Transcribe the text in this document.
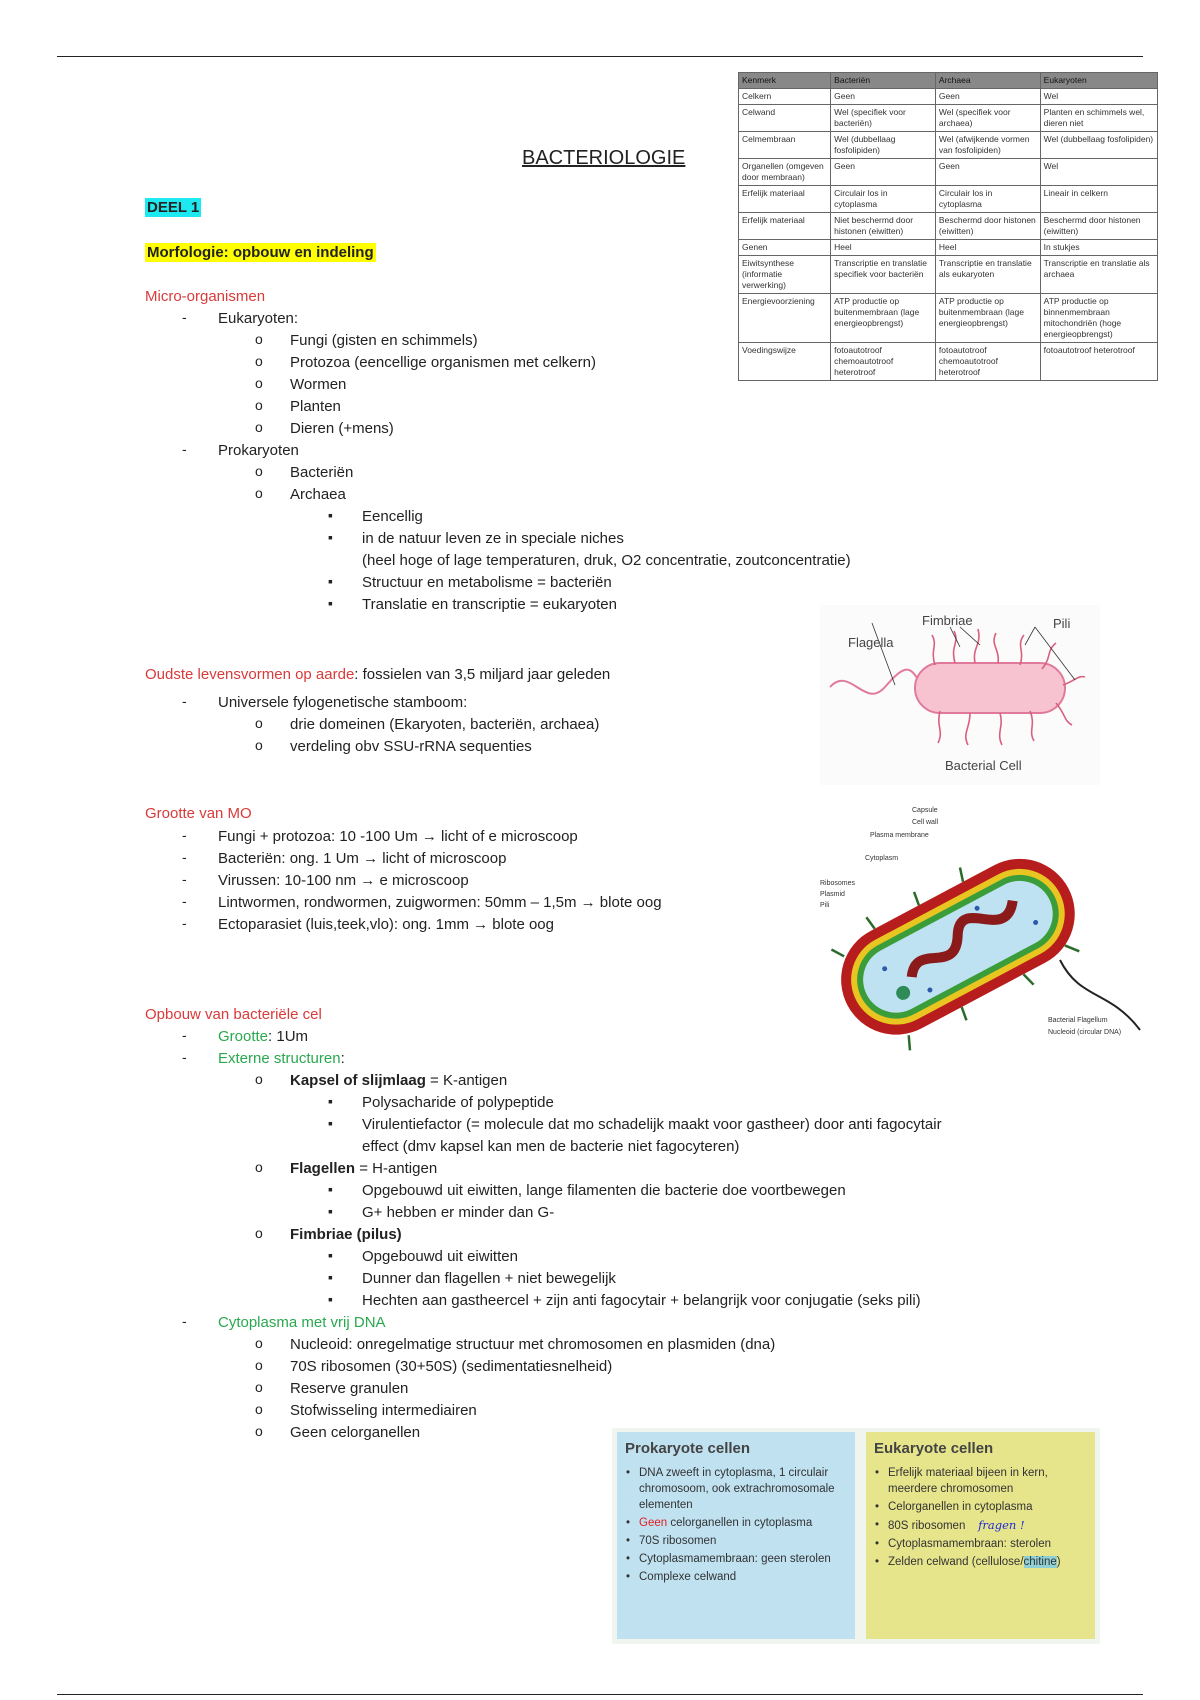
BACTERIOLOGIE
DEEL 1
Morfologie: opbouw en indeling
Micro-organismen
- Eukaryoten:
o Fungi (gisten en schimmels)
o Protozoa (eencellige organismen met celkern)
o Wormen
o Planten
o Dieren (+mens)
- Prokaryoten
o Bacteriën
o Archaea
▪ Eencellig
▪ in de natuur leven ze in speciale niches
(heel hoge of lage temperaturen, druk, O2 concentratie, zoutconcentratie)
▪ Structuur en metabolisme = bacteriën
▪ Translatie en transcriptie = eukaryoten
Oudste levensvormen op aarde: fossielen van 3,5 miljard jaar geleden
- Universele fylogenetische stamboom:
o drie domeinen (Ekaryoten, bacteriën, archaea)
o verdeling obv SSU-rRNA sequenties
Grootte van MO
- Fungi + protozoa: 10 -100 Um → licht of e microscoop
- Bacteriën: ong. 1 Um → licht of microscoop
- Virussen: 10-100 nm → e microscoop
- Lintwormen, rondwormen, zuigwormen: 50mm – 1,5m → blote oog
- Ectoparasiet (luis,teek,vlo): ong. 1mm → blote oog
Opbouw van bacteriële cel
- Grootte: 1Um
- Externe structuren:
o Kapsel of slijmlaag = K-antigen
▪ Polysacharide of polypeptide
▪ Virulentiefactor (= molecule dat mo schadelijk maakt voor gastheer) door anti fagocytair
effect (dmv kapsel kan men de bacterie niet fagocyteren)
o Flagellen = H-antigen
▪ Opgebouwd uit eiwitten, lange filamenten die bacterie doe voortbewegen
▪ G+ hebben er minder dan G-
o Fimbriae (pilus)
▪ Opgebouwd uit eiwitten
▪ Dunner dan flagellen + niet bewegelijk
▪ Hechten aan gastheercel + zijn anti fagocytair + belangrijk voor conjugatie (seks pili)
- Cytoplasma met vrij DNA
o Nucleoid: onregelmatige structuur met chromosomen en plasmiden (dna)
o 70S ribosomen (30+50S) (sedimentatiesnelheid)
o Reserve granulen
o Stofwisseling intermediairen
o Geen celorganellen
Kenmerk	Bacteriën	Archaea	Eukaryoten
Celkern	Geen	Geen	Wel
Celwand	Wel (specifiek voor bacteriën)	Wel (specifiek voor archaea)	Planten en schimmels wel, dieren niet
Celmembraan	Wel (dubbellaag fosfolipiden)	Wel (afwijkende vormen van fosfolipiden)	Wel (dubbellaag fosfolipiden)
Organellen (omgeven door membraan)	Geen	Geen	Wel
Erfelijk materiaal	Circulair los in cytoplasma	Circulair los in cytoplasma	Lineair in celkern
Erfelijk materiaal	Niet beschermd door histonen (eiwitten)	Beschermd door histonen (eiwitten)	Beschermd door histonen (eiwitten)
Genen	Heel	Heel	In stukjes
Eiwitsynthese (informatie verwerking)	Transcriptie en translatie specifiek voor bacteriën	Transcriptie en translatie als eukaryoten	Transcriptie en translatie als archaea
Energievoorziening	ATP productie op buitenmembraan (lage energieopbrengst)	ATP productie op buitenmembraan (lage energieopbrengst)	ATP productie op binnenmembraan mitochondriën (hoge energieopbrengst)
Voedingswijze	fotoautotroof chemoautotroof heterotroof	fotoautotroof chemoautotroof heterotroof	fotoautotroof heterotroof
Fimbriae	Pili
Flagella
Bacterial Cell
Capsule
Cell wall
Plasma membrane
Cytoplasm
Ribosomes
Plasmid
Pili
Bacterial Flagellum
Nucleoid (circular DNA)
Prokaryote cellen
• DNA zweeft in cytoplasma, 1 circulair chromosoom, ook extrachromosomale elementen
• Geen celorganellen in cytoplasma
• 70S ribosomen
• Cytoplasmamembraan: geen sterolen
• Complexe celwand
Eukaryote cellen
• Erfelijk materiaal bijeen in kern, meerdere chromosomen
• Celorganellen in cytoplasma
• 80S ribosomen fragen !
• Cytoplasmamembraan: sterolen
• Zelden celwand (cellulose/chitine)
